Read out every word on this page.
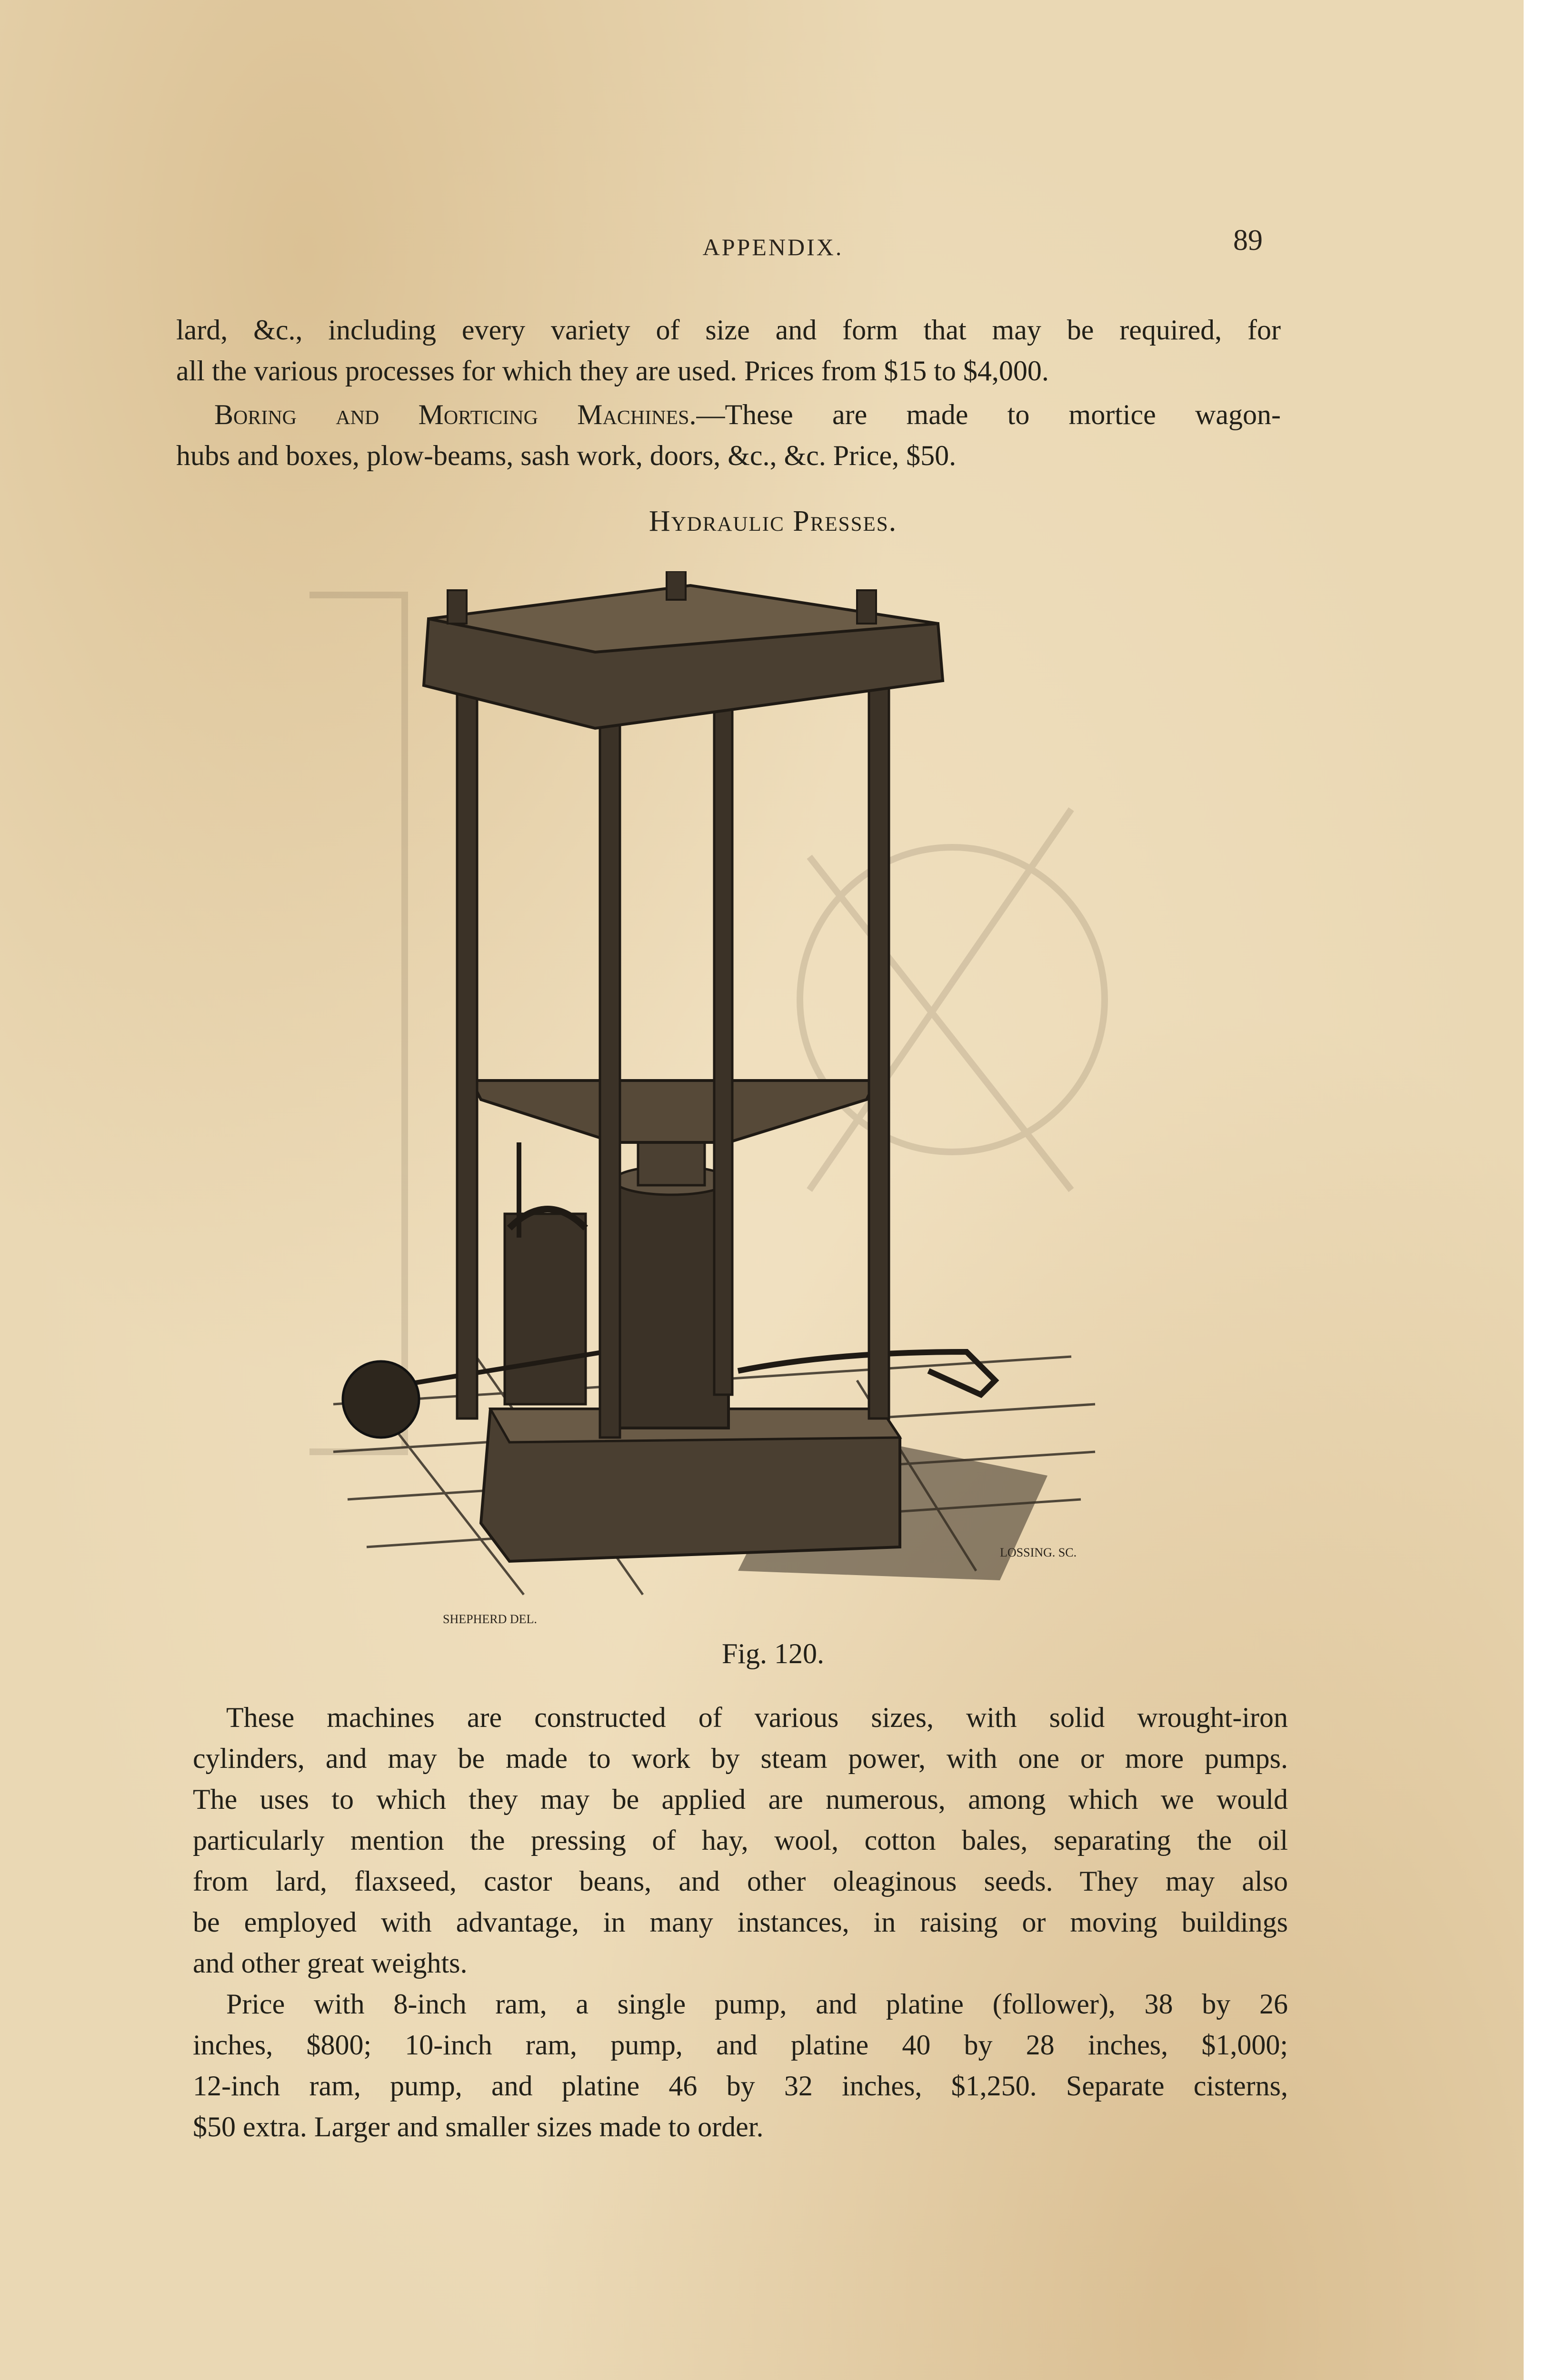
APPENDIX.	89

lard, &c., including every variety of size and form that may be required, for

all the various processes for which they are used. Prices from $15 to $4,000.

Boring and Morticing Machines.—These are made to mortice wagon-

hubs and boxes, plow-beams, sash work, doors, &c., &c. Price, $50.

Hydraulic Presses.
SHEPHERD DEL.
LOSSING. SC.
Fig. 120.

These machines are constructed of various sizes, with solid wrought-iron

cylinders, and may be made to work by steam power, with one or more pumps.

The uses to which they may be applied are numerous, among which we would

particularly mention the pressing of hay, wool, cotton bales, separating the oil

from lard, flaxseed, castor beans, and other oleaginous seeds. They may also

be employed with advantage, in many instances, in raising or moving buildings

and other great weights.

Price with 8-inch ram, a single pump, and platine (follower), 38 by 26

inches, $800; 10-inch ram, pump, and platine 40 by 28 inches, $1,000;

12-inch ram, pump, and platine 46 by 32 inches, $1,250. Separate cisterns,

$50 extra. Larger and smaller sizes made to order.
